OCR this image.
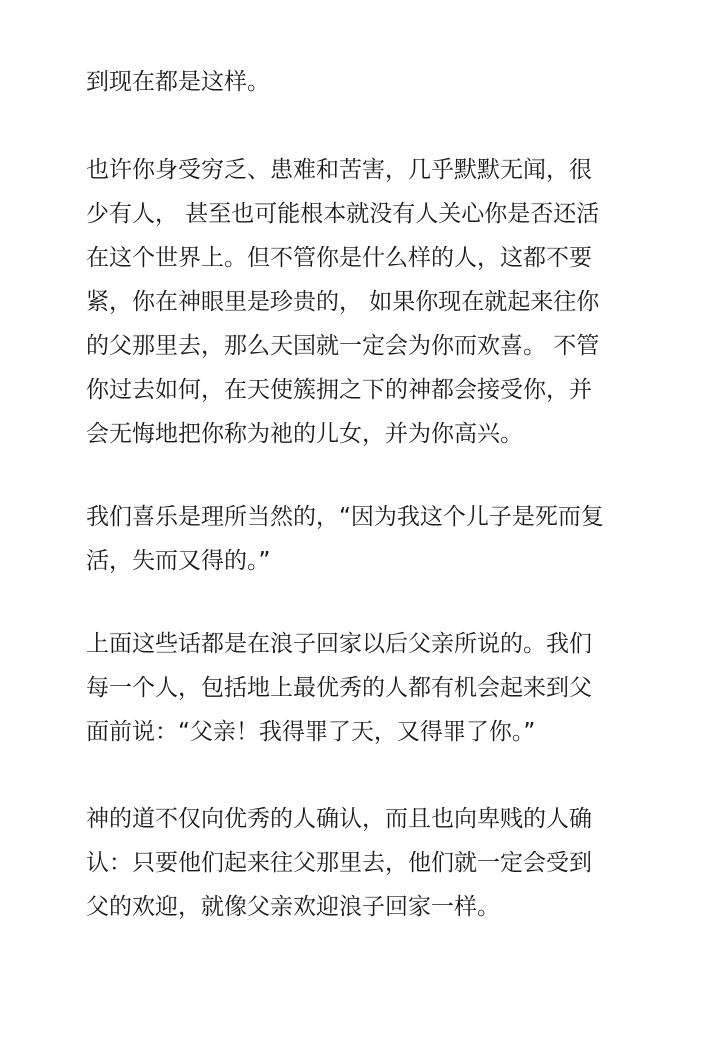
到现在都是这样。

也许你身受穷乏、患难和苦害，几乎默默无闻，很
少有人， 甚至也可能根本就没有人关心你是否还活
在这个世界上。但不管你是什么样的人，这都不要
紧，你在神眼里是珍贵的， 如果你现在就起来往你
的父那里去，那么天国就一定会为你而欢喜。 不管
你过去如何，在天使簇拥之下的神都会接受你，并
会无悔地把你称为祂的儿女，并为你高兴。

我们喜乐是理所当然的，“因为我这个儿子是死而复
活，失而又得的。”

上面这些话都是在浪子回家以后父亲所说的。我们
每一个人，包括地上最优秀的人都有机会起来到父
面前说：“父亲！我得罪了天，又得罪了你。”

神的道不仅向优秀的人确认，而且也向卑贱的人确
认：只要他们起来往父那里去，他们就一定会受到
父的欢迎，就像父亲欢迎浪子回家一样。
